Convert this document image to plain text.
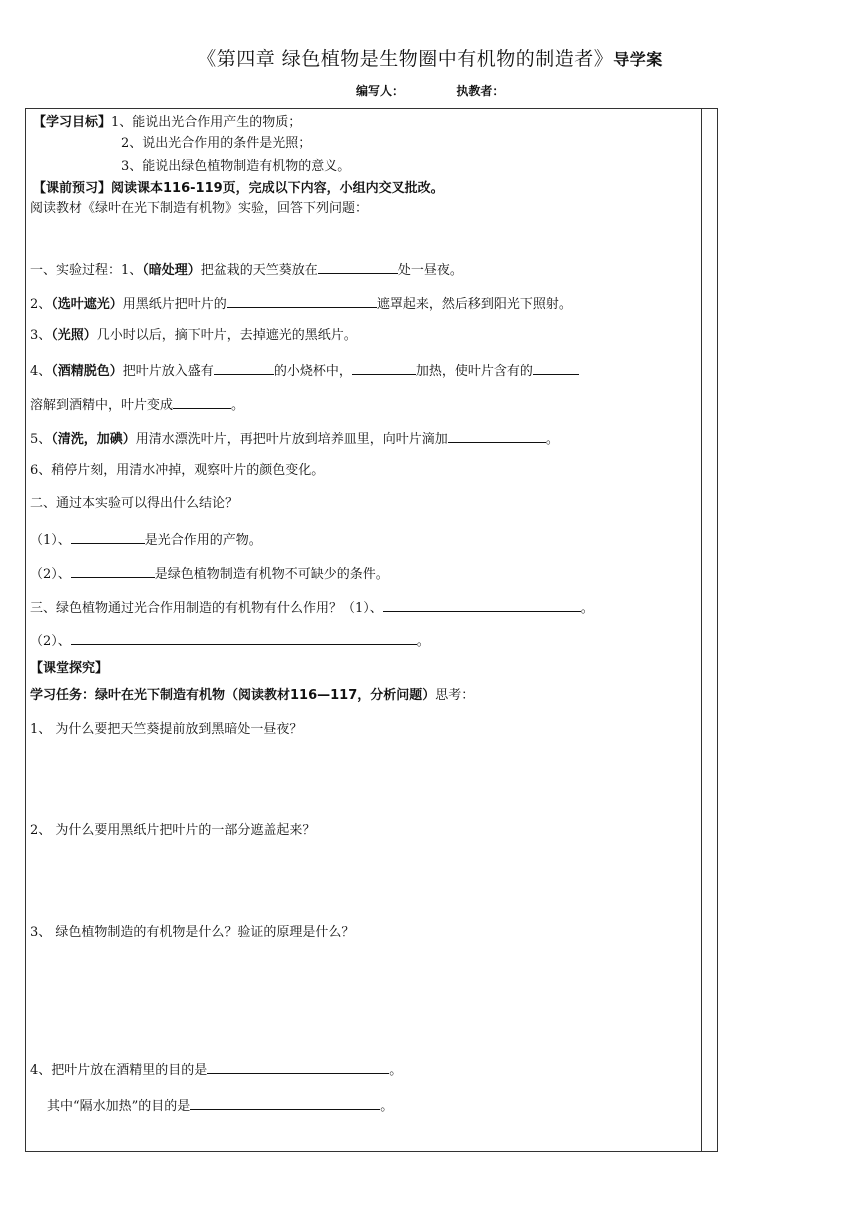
《第四章 绿色植物是生物圈中有机物的制造者》导学案
编写人：	执教者：
【学习目标】1、能说出光合作用产生的物质；
2、说出光合作用的条件是光照；
3、能说出绿色植物制造有机物的意义。
【课前预习】阅读课本116-119页，完成以下内容，小组内交叉批改。
阅读教材《绿叶在光下制造有机物》实验，回答下列问题：
一、实验过程：1、（暗处理）把盆栽的天竺葵放在	处一昼夜。
2、（选叶遮光）用黑纸片把叶片的	遮罩起来，然后移到阳光下照射。
3、（光照）几小时以后，摘下叶片，去掉遮光的黑纸片。
4、（酒精脱色）把叶片放入盛有	的小烧杯中，	加热，使叶片含有的
溶解到酒精中，叶片变成	。
5、（清洗，加碘）用清水漂洗叶片，再把叶片放到培养皿里，向叶片滴加	。
6、稍停片刻，用清水冲掉，观察叶片的颜色变化。
二、通过本实验可以得出什么结论？
（1）、	是光合作用的产物。
（2）、	是绿色植物制造有机物不可缺少的条件。
三、绿色植物通过光合作用制造的有机物有什么作用？（1）、	。
（2）、	。
【课堂探究】
学习任务：绿叶在光下制造有机物（阅读教材116—117，分析问题）思考：
1、 为什么要把天竺葵提前放到黑暗处一昼夜？
2、 为什么要用黑纸片把叶片的一部分遮盖起来？
3、 绿色植物制造的有机物是什么？验证的原理是什么？
4、把叶片放在酒精里的目的是	。
其中“隔水加热”的目的是	。
